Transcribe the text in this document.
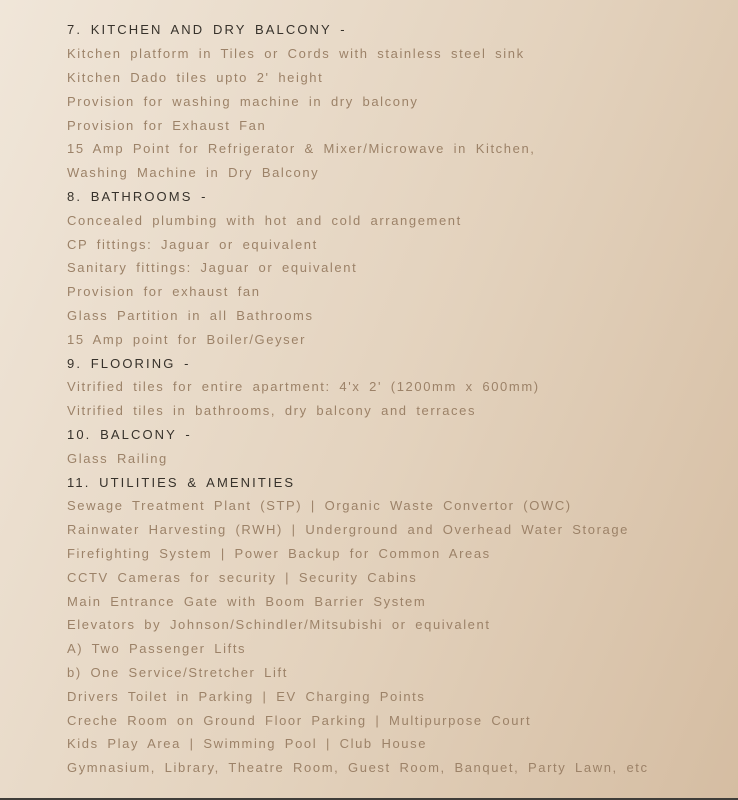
7. KITCHEN AND DRY BALCONY -
Kitchen platform in Tiles or Cords with stainless steel sink
Kitchen Dado tiles upto 2' height
Provision for washing machine in dry balcony
Provision for Exhaust Fan
15 Amp Point for Refrigerator & Mixer/Microwave in Kitchen,
Washing Machine in Dry Balcony
8. BATHROOMS -
Concealed plumbing with hot and cold arrangement
CP fittings: Jaguar or equivalent
Sanitary fittings: Jaguar or equivalent
Provision for exhaust fan
Glass Partition in all Bathrooms
15 Amp point for Boiler/Geyser
9. FLOORING -
Vitrified tiles for entire apartment: 4'x 2' (1200mm x 600mm)
Vitrified tiles in bathrooms, dry balcony and terraces
10. BALCONY -
Glass Railing
11. UTILITIES & AMENITIES
Sewage Treatment Plant (STP) | Organic Waste Convertor (OWC)
Rainwater Harvesting (RWH) | Underground and Overhead Water Storage
Firefighting System | Power Backup for Common Areas
CCTV Cameras for security | Security Cabins
Main Entrance Gate with Boom Barrier System
Elevators by Johnson/Schindler/Mitsubishi or equivalent
A) Two Passenger Lifts
b) One Service/Stretcher Lift
Drivers Toilet in Parking | EV Charging Points
Creche Room on Ground Floor Parking | Multipurpose Court
Kids Play Area | Swimming Pool | Club House
Gymnasium, Library, Theatre Room, Guest Room, Banquet, Party Lawn, etc
